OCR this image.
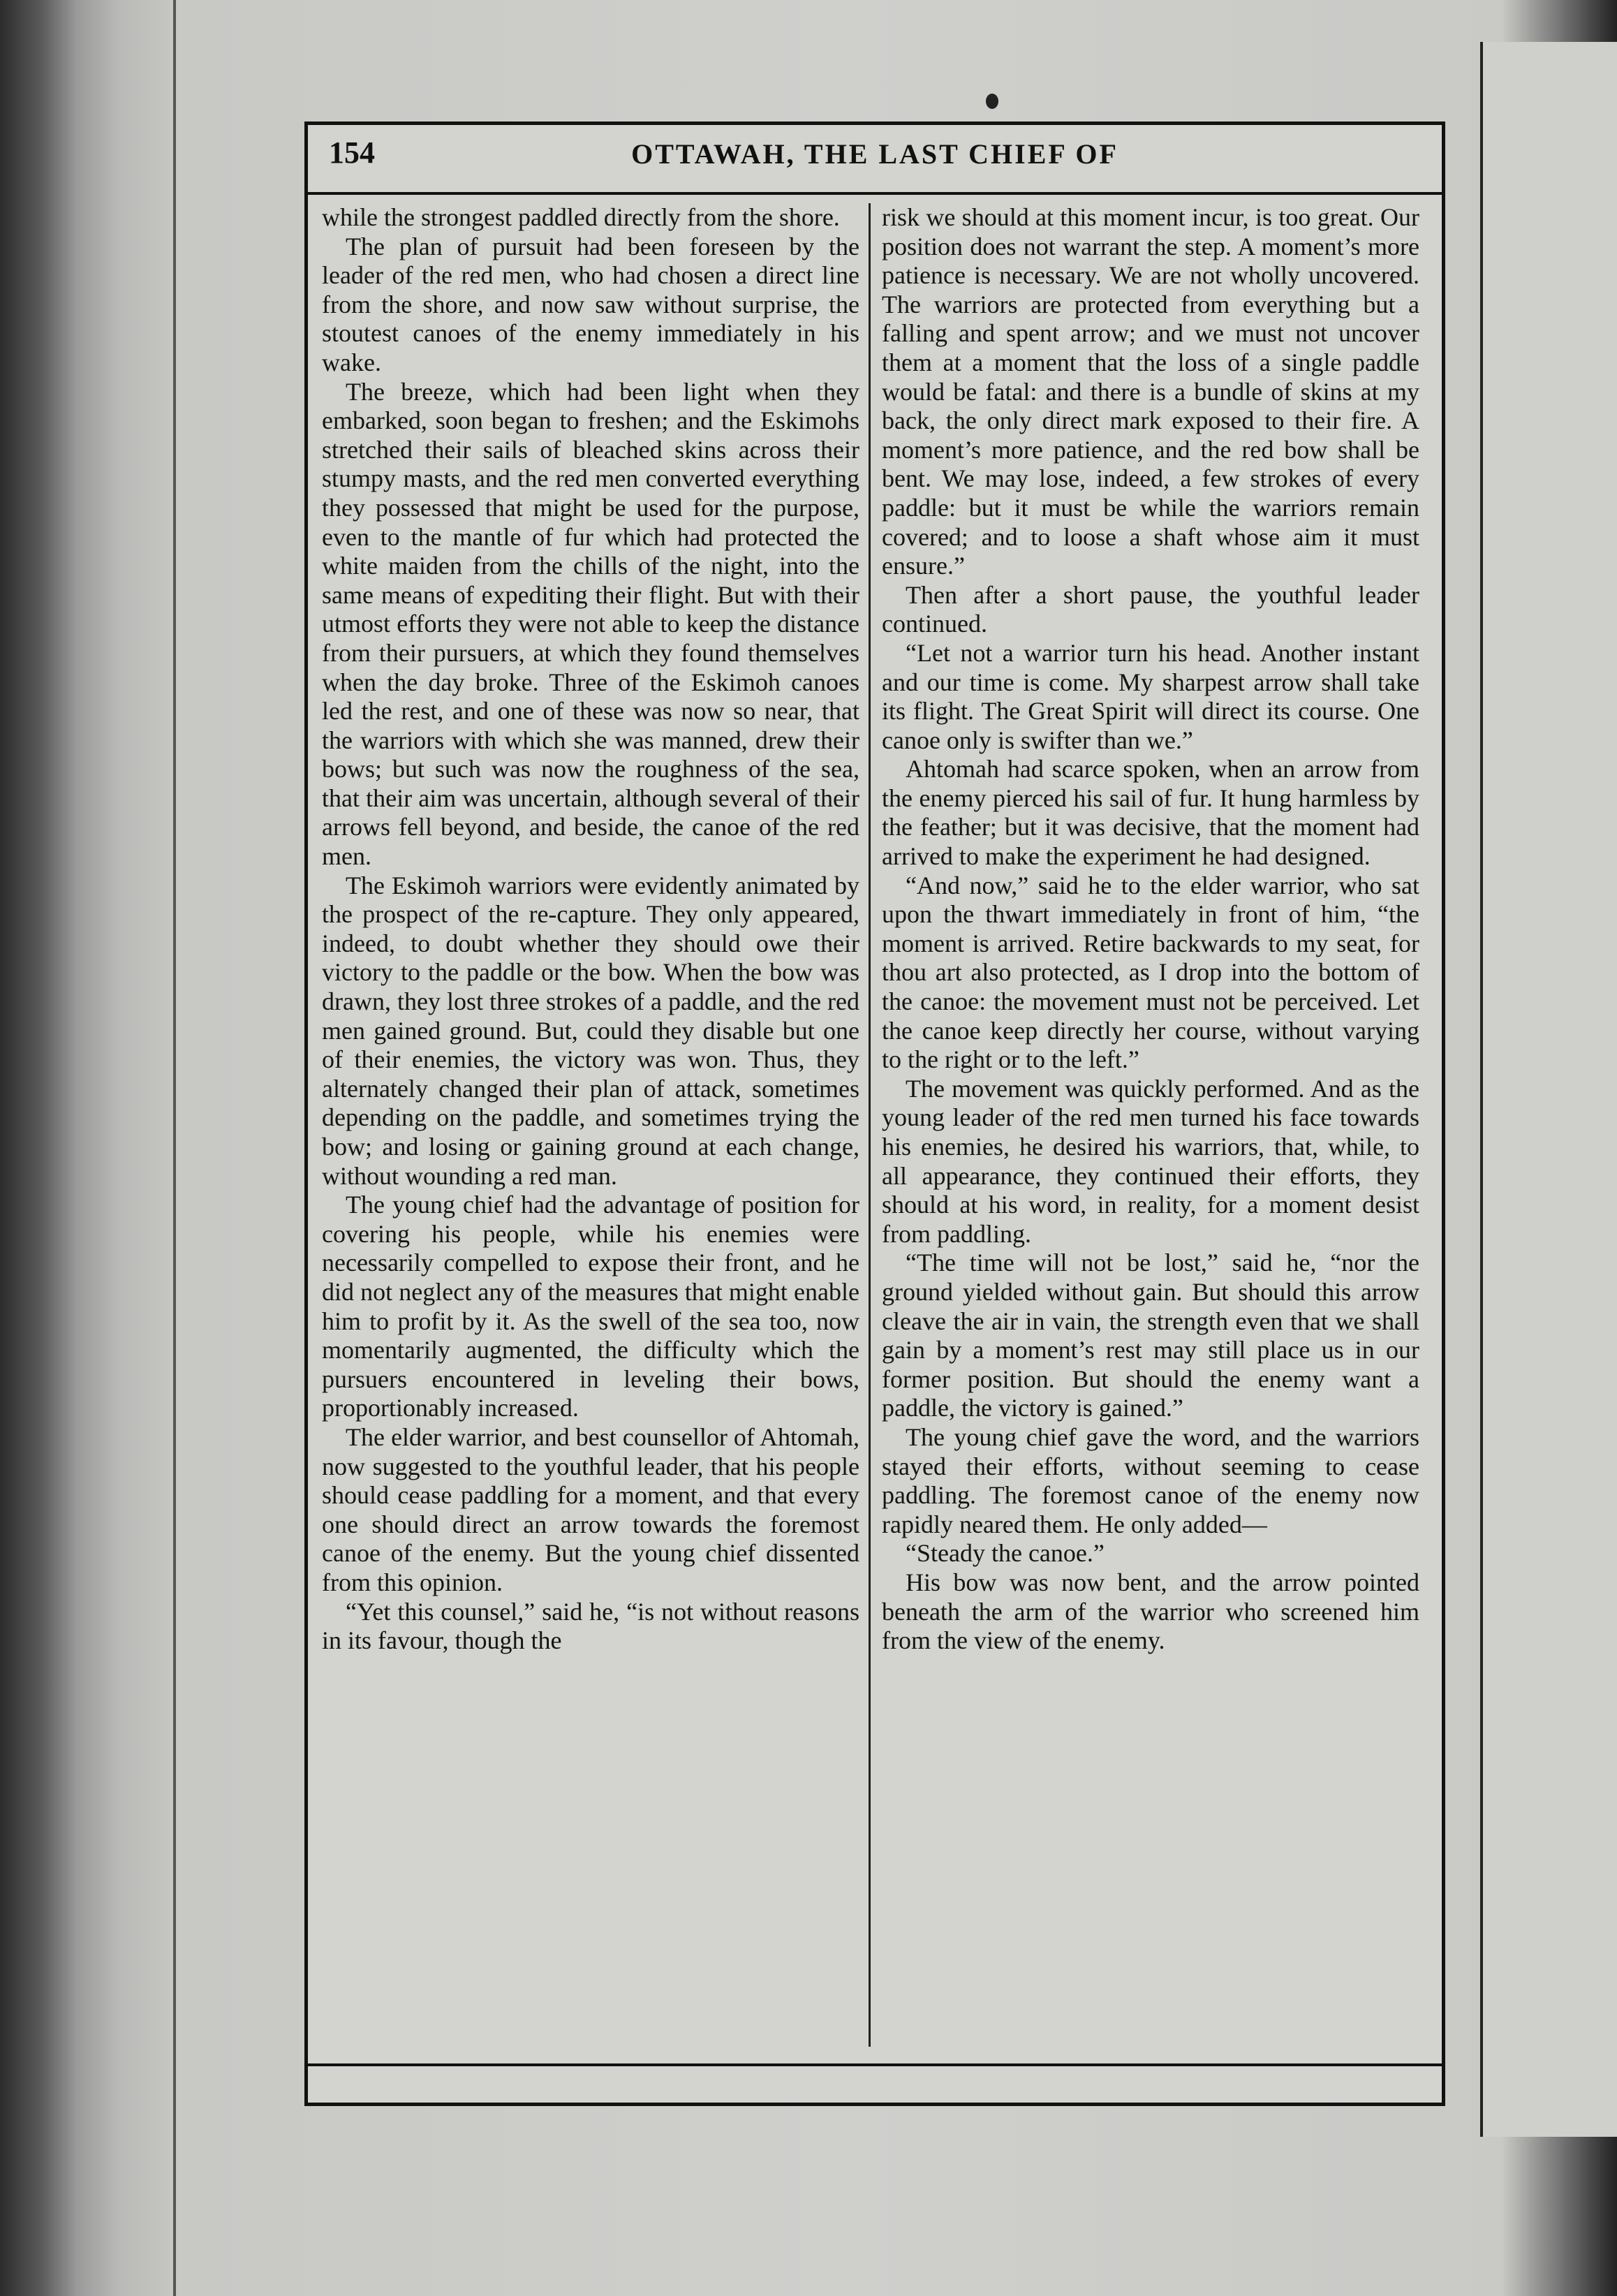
154	OTTAWAH, THE LAST CHIEF OF

while the strongest paddled directly from the shore.

The plan of pursuit had been foreseen by the leader of the red men, who had chosen a direct line from the shore, and now saw without surprise, the stoutest canoes of the enemy immediately in his wake.

The breeze, which had been light when they embarked, soon began to freshen; and the Eskimohs stretched their sails of bleached skins across their stumpy masts, and the red men converted everything they possessed that might be used for the purpose, even to the mantle of fur which had protected the white maiden from the chills of the night, into the same means of expediting their flight. But with their utmost efforts they were not able to keep the distance from their pursuers, at which they found themselves when the day broke. Three of the Eskimoh canoes led the rest, and one of these was now so near, that the warriors with which she was manned, drew their bows; but such was now the roughness of the sea, that their aim was uncertain, although several of their arrows fell beyond, and beside, the canoe of the red men.

The Eskimoh warriors were evidently animated by the prospect of the re-capture. They only appeared, indeed, to doubt whether they should owe their victory to the paddle or the bow. When the bow was drawn, they lost three strokes of a paddle, and the red men gained ground. But, could they disable but one of their enemies, the victory was won. Thus, they alternately changed their plan of attack, sometimes depending on the paddle, and sometimes trying the bow; and losing or gaining ground at each change, without wounding a red man.

The young chief had the advantage of position for covering his people, while his enemies were necessarily compelled to expose their front, and he did not neglect any of the measures that might enable him to profit by it. As the swell of the sea too, now momentarily augmented, the difficulty which the pursuers encountered in leveling their bows, proportionably increased.

The elder warrior, and best counsellor of Ahtomah, now suggested to the youthful leader, that his people should cease paddling for a moment, and that every one should direct an arrow towards the foremost canoe of the enemy. But the young chief dissented from this opinion.

“Yet this counsel,” said he, “is not without reasons in its favour, though the

risk we should at this moment incur, is too great. Our position does not warrant the step. A moment’s more patience is necessary. We are not wholly uncovered. The warriors are protected from everything but a falling and spent arrow; and we must not uncover them at a moment that the loss of a single paddle would be fatal: and there is a bundle of skins at my back, the only direct mark exposed to their fire. A moment’s more patience, and the red bow shall be bent. We may lose, indeed, a few strokes of every paddle: but it must be while the warriors remain covered; and to loose a shaft whose aim it must ensure.”

Then after a short pause, the youthful leader continued.

“Let not a warrior turn his head. Another instant and our time is come. My sharpest arrow shall take its flight. The Great Spirit will direct its course. One canoe only is swifter than we.”

Ahtomah had scarce spoken, when an arrow from the enemy pierced his sail of fur. It hung harmless by the feather; but it was decisive, that the moment had arrived to make the experiment he had designed.

“And now,” said he to the elder warrior, who sat upon the thwart immediately in front of him, “the moment is arrived. Retire backwards to my seat, for thou art also protected, as I drop into the bottom of the canoe: the movement must not be perceived. Let the canoe keep directly her course, without varying to the right or to the left.”

The movement was quickly performed. And as the young leader of the red men turned his face towards his enemies, he desired his warriors, that, while, to all appearance, they continued their efforts, they should at his word, in reality, for a moment desist from paddling.

“The time will not be lost,” said he, “nor the ground yielded without gain. But should this arrow cleave the air in vain, the strength even that we shall gain by a moment’s rest may still place us in our former position. But should the enemy want a paddle, the victory is gained.”

The young chief gave the word, and the warriors stayed their efforts, without seeming to cease paddling. The foremost canoe of the enemy now rapidly neared them. He only added—

“Steady the canoe.”

His bow was now bent, and the arrow pointed beneath the arm of the warrior who screened him from the view of the enemy.
